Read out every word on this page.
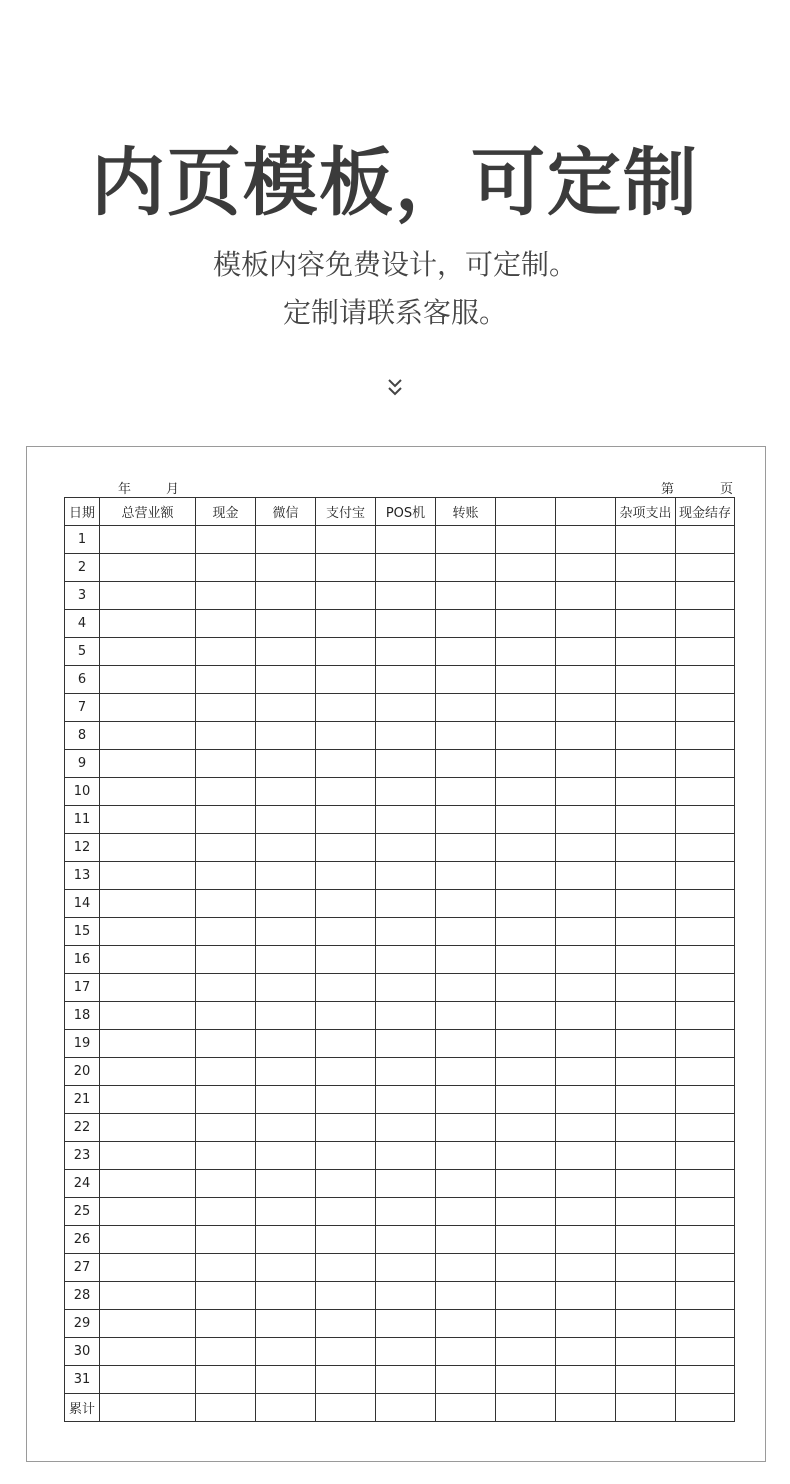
内页模板，可定制
模板内容免费设计，可定制。
定制请联系客服。
年	月	第	页
日期	总营业额	现金	微信	支付宝	POS机	转账			杂项支出	现金结存
1										
2										
3										
4										
5										
6										
7										
8										
9										
10										
11										
12										
13										
14										
15										
16										
17										
18										
19										
20										
21										
22										
23										
24										
25										
26										
27										
28										
29										
30										
31										
累计										
